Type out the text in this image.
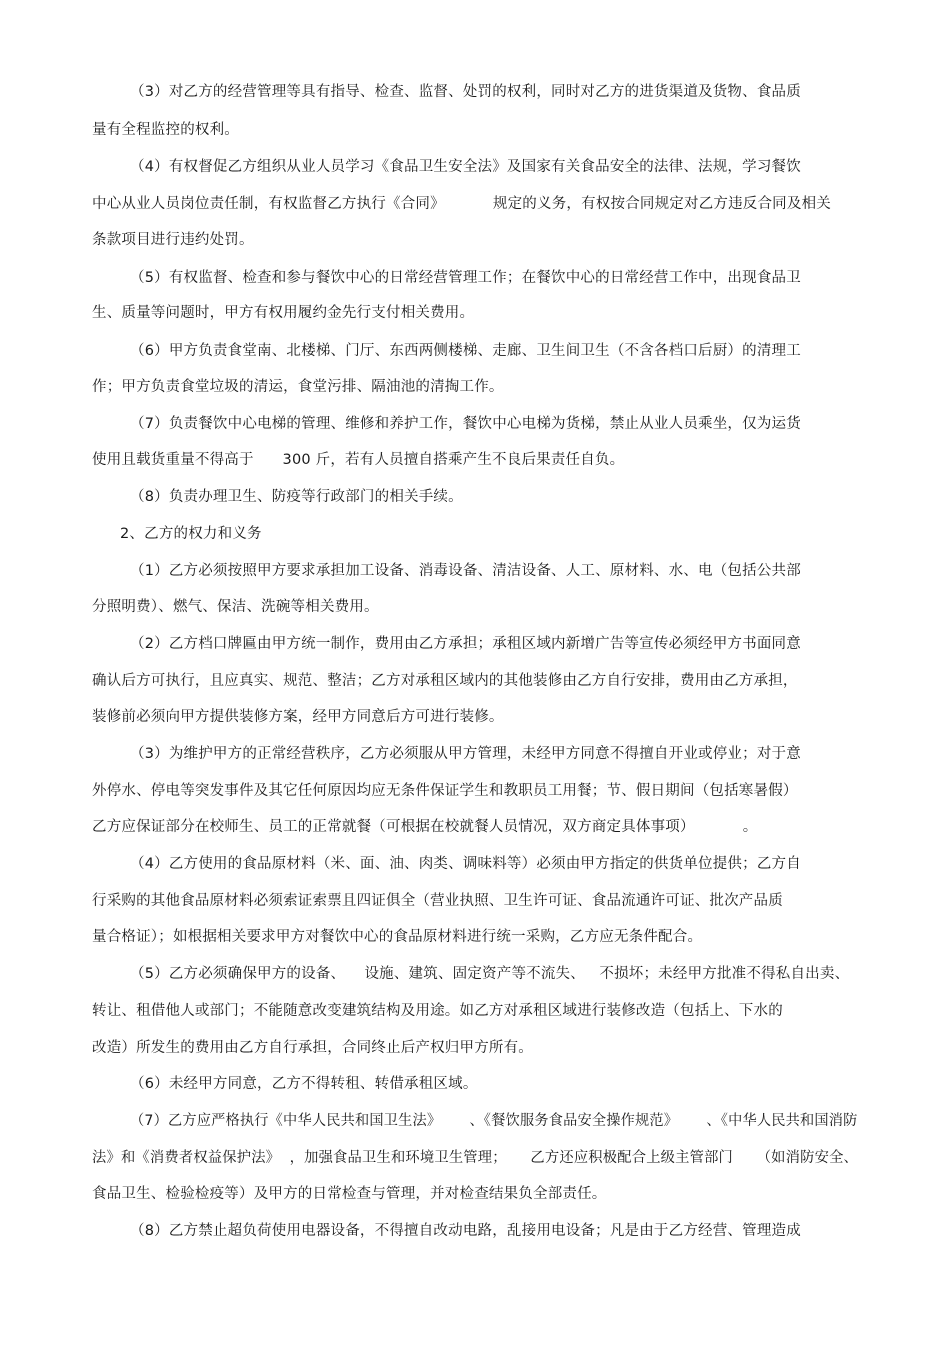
（3）对乙方的经营管理等具有指导、检查、监督、处罚的权利，同时对乙方的进货渠道及货物、食品质
量有全程监控的权利。
（4）有权督促乙方组织从业人员学习《食品卫生安全法》及国家有关食品安全的法律、法规，学习餐饮
中心从业人员岗位责任制，有权监督乙方执行《合同》          规定的义务，有权按合同规定对乙方违反合同及相关
条款项目进行违约处罚。
（5）有权监督、检查和参与餐饮中心的日常经营管理工作；在餐饮中心的日常经营工作中，出现食品卫
生、质量等问题时，甲方有权用履约金先行支付相关费用。
（6）甲方负责食堂南、北楼梯、门厅、东西两侧楼梯、走廊、卫生间卫生（不含各档口后厨）的清理工
作；甲方负责食堂垃圾的清运，食堂污排、隔油池的清掏工作。
（7）负责餐饮中心电梯的管理、维修和养护工作，餐饮中心电梯为货梯，禁止从业人员乘坐，仅为运货
使用且载货重量不得高于      300 斤，若有人员擅自搭乘产生不良后果责任自负。
（8）负责办理卫生、防疫等行政部门的相关手续。
2、乙方的权力和义务
（1）乙方必须按照甲方要求承担加工设备、消毒设备、清洁设备、人工、原材料、水、电（包括公共部
分照明费）、燃气、保洁、洗碗等相关费用。
（2）乙方档口牌匾由甲方统一制作，费用由乙方承担；承租区域内新增广告等宣传必须经甲方书面同意
确认后方可执行，且应真实、规范、整洁；乙方对承租区域内的其他装修由乙方自行安排，费用由乙方承担，
装修前必须向甲方提供装修方案，经甲方同意后方可进行装修。
（3）为维护甲方的正常经营秩序，乙方必须服从甲方管理，未经甲方同意不得擅自开业或停业；对于意
外停水、停电等突发事件及其它任何原因均应无条件保证学生和教职员工用餐；节、假日期间（包括寒暑假）
乙方应保证部分在校师生、员工的正常就餐（可根据在校就餐人员情况，双方商定具体事项）          。
（4）乙方使用的食品原材料（米、面、油、肉类、调味料等）必须由甲方指定的供货单位提供；乙方自
行采购的其他食品原材料必须索证索票且四证俱全（营业执照、卫生许可证、食品流通许可证、批次产品质
量合格证）；如根据相关要求甲方对餐饮中心的食品原材料进行统一采购，乙方应无条件配合。
（5）乙方必须确保甲方的设备、    设施、建筑、固定资产等不流失、   不损坏；未经甲方批准不得私自出卖、
转让、租借他人或部门；不能随意改变建筑结构及用途。如乙方对承租区域进行装修改造（包括上、下水的
改造）所发生的费用由乙方自行承担，合同终止后产权归甲方所有。
（6）未经甲方同意，乙方不得转租、转借承租区域。
（7）乙方应严格执行《中华人民共和国卫生法》      、《餐饮服务食品安全操作规范》      、《中华人民共和国消防
法》和《消费者权益保护法》  ，加强食品卫生和环境卫生管理；     乙方还应积极配合上级主管部门     （如消防安全、
食品卫生、检验检疫等）及甲方的日常检查与管理，并对检查结果负全部责任。
（8）乙方禁止超负荷使用电器设备，不得擅自改动电路，乱接用电设备；凡是由于乙方经营、管理造成
